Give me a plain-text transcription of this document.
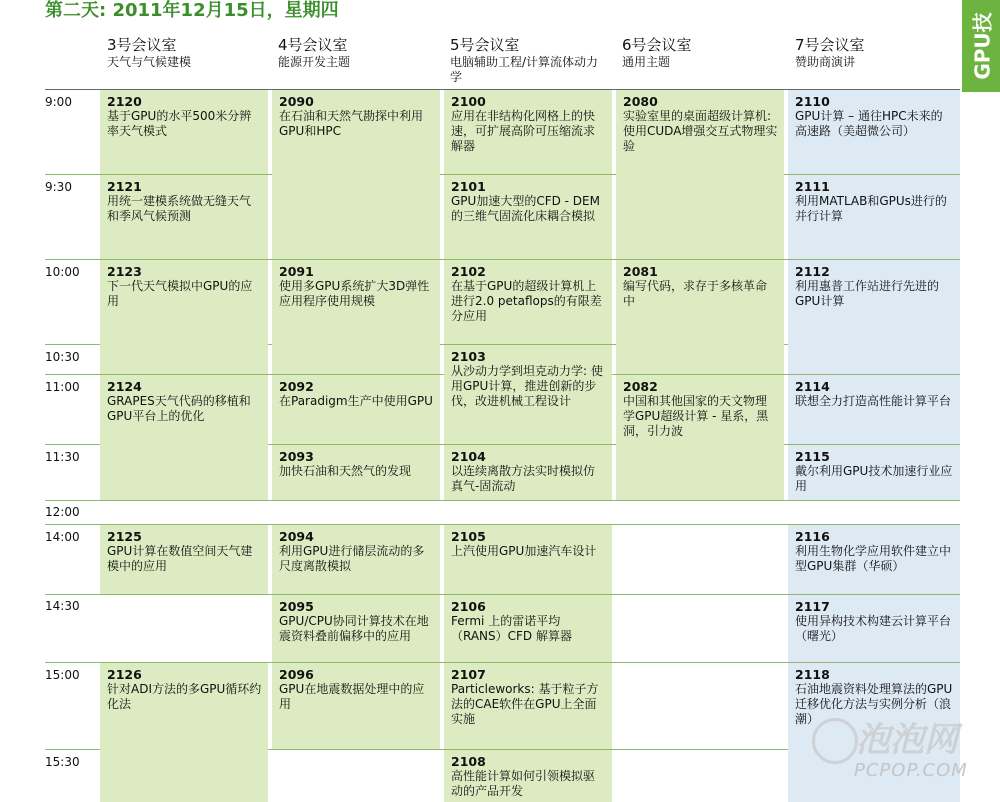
第二天: 2011年12月15日，星期四
GPU技
3号会议室
天气与气候建模
4号会议室
能源开发主题
5号会议室
电脑辅助工程/计算流体动力学
6号会议室
通用主题
7号会议室
赞助商演讲
9:00
9:30
10:00
10:30
11:00
11:30
12:00
14:00
14:30
15:00
15:30
2120
基于GPU的水平500米分辨率天气模式
2121
用统一建模系统做无缝天气和季风气候预测
2123
下一代天气模拟中GPU的应用
2124
GRAPES天气代码的移植和GPU平台上的优化
2125
GPU计算在数值空间天气建模中的应用
2126
针对ADI方法的多GPU循环约化法
2090
在石油和天然气勘探中利用GPU和HPC
2091
使用多GPU系统扩大3D弹性应用程序使用规模
2092
在Paradigm生产中使用GPU
2093
加快石油和天然气的发现
2094
利用GPU进行储层流动的多尺度离散模拟
2095
GPU/CPU协同计算技术在地震资料叠前偏移中的应用
2096
GPU在地震数据处理中的应用
2100
应用在非结构化网格上的快速，可扩展高阶可压缩流求解器
2101
GPU加速大型的CFD - DEM的三维气固流化床耦合模拟
2102
在基于GPU的超级计算机上进行2.0 petaflops的有限差分应用
2103
从沙动力学到坦克动力学: 使用GPU计算，推进创新的步伐，改进机械工程设计
2104
以连续离散方法实时模拟仿真气-固流动
2105
上汽使用GPU加速汽车设计
2106
Fermi 上的雷诺平均（RANS）CFD 解算器
2107
Particleworks: 基于粒子方法的CAE软件在GPU上全面实施
2108
高性能计算如何引领模拟驱动的产品开发
2080
实验室里的桌面超级计算机: 使用CUDA增强交互式物理实验
2081
编写代码，求存于多核革命中
2082
中国和其他国家的天文物理学GPU超级计算 - 星系，黑洞，引力波
2110
GPU计算 – 通往HPC未来的高速路（美超微公司）
2111
利用MATLAB和GPUs进行的并行计算
2112
利用惠普工作站进行先进的GPU计算
2114
联想全力打造高性能计算平台
2115
戴尔利用GPU技术加速行业应用
2116
利用生物化学应用软件建立中型GPU集群（华硕）
2117
使用异构技术构建云计算平台（曙光）
2118
石油地震资料处理算法的GPU迁移优化方法与实例分析（浪潮）
泡泡网
PCPOP.COM
